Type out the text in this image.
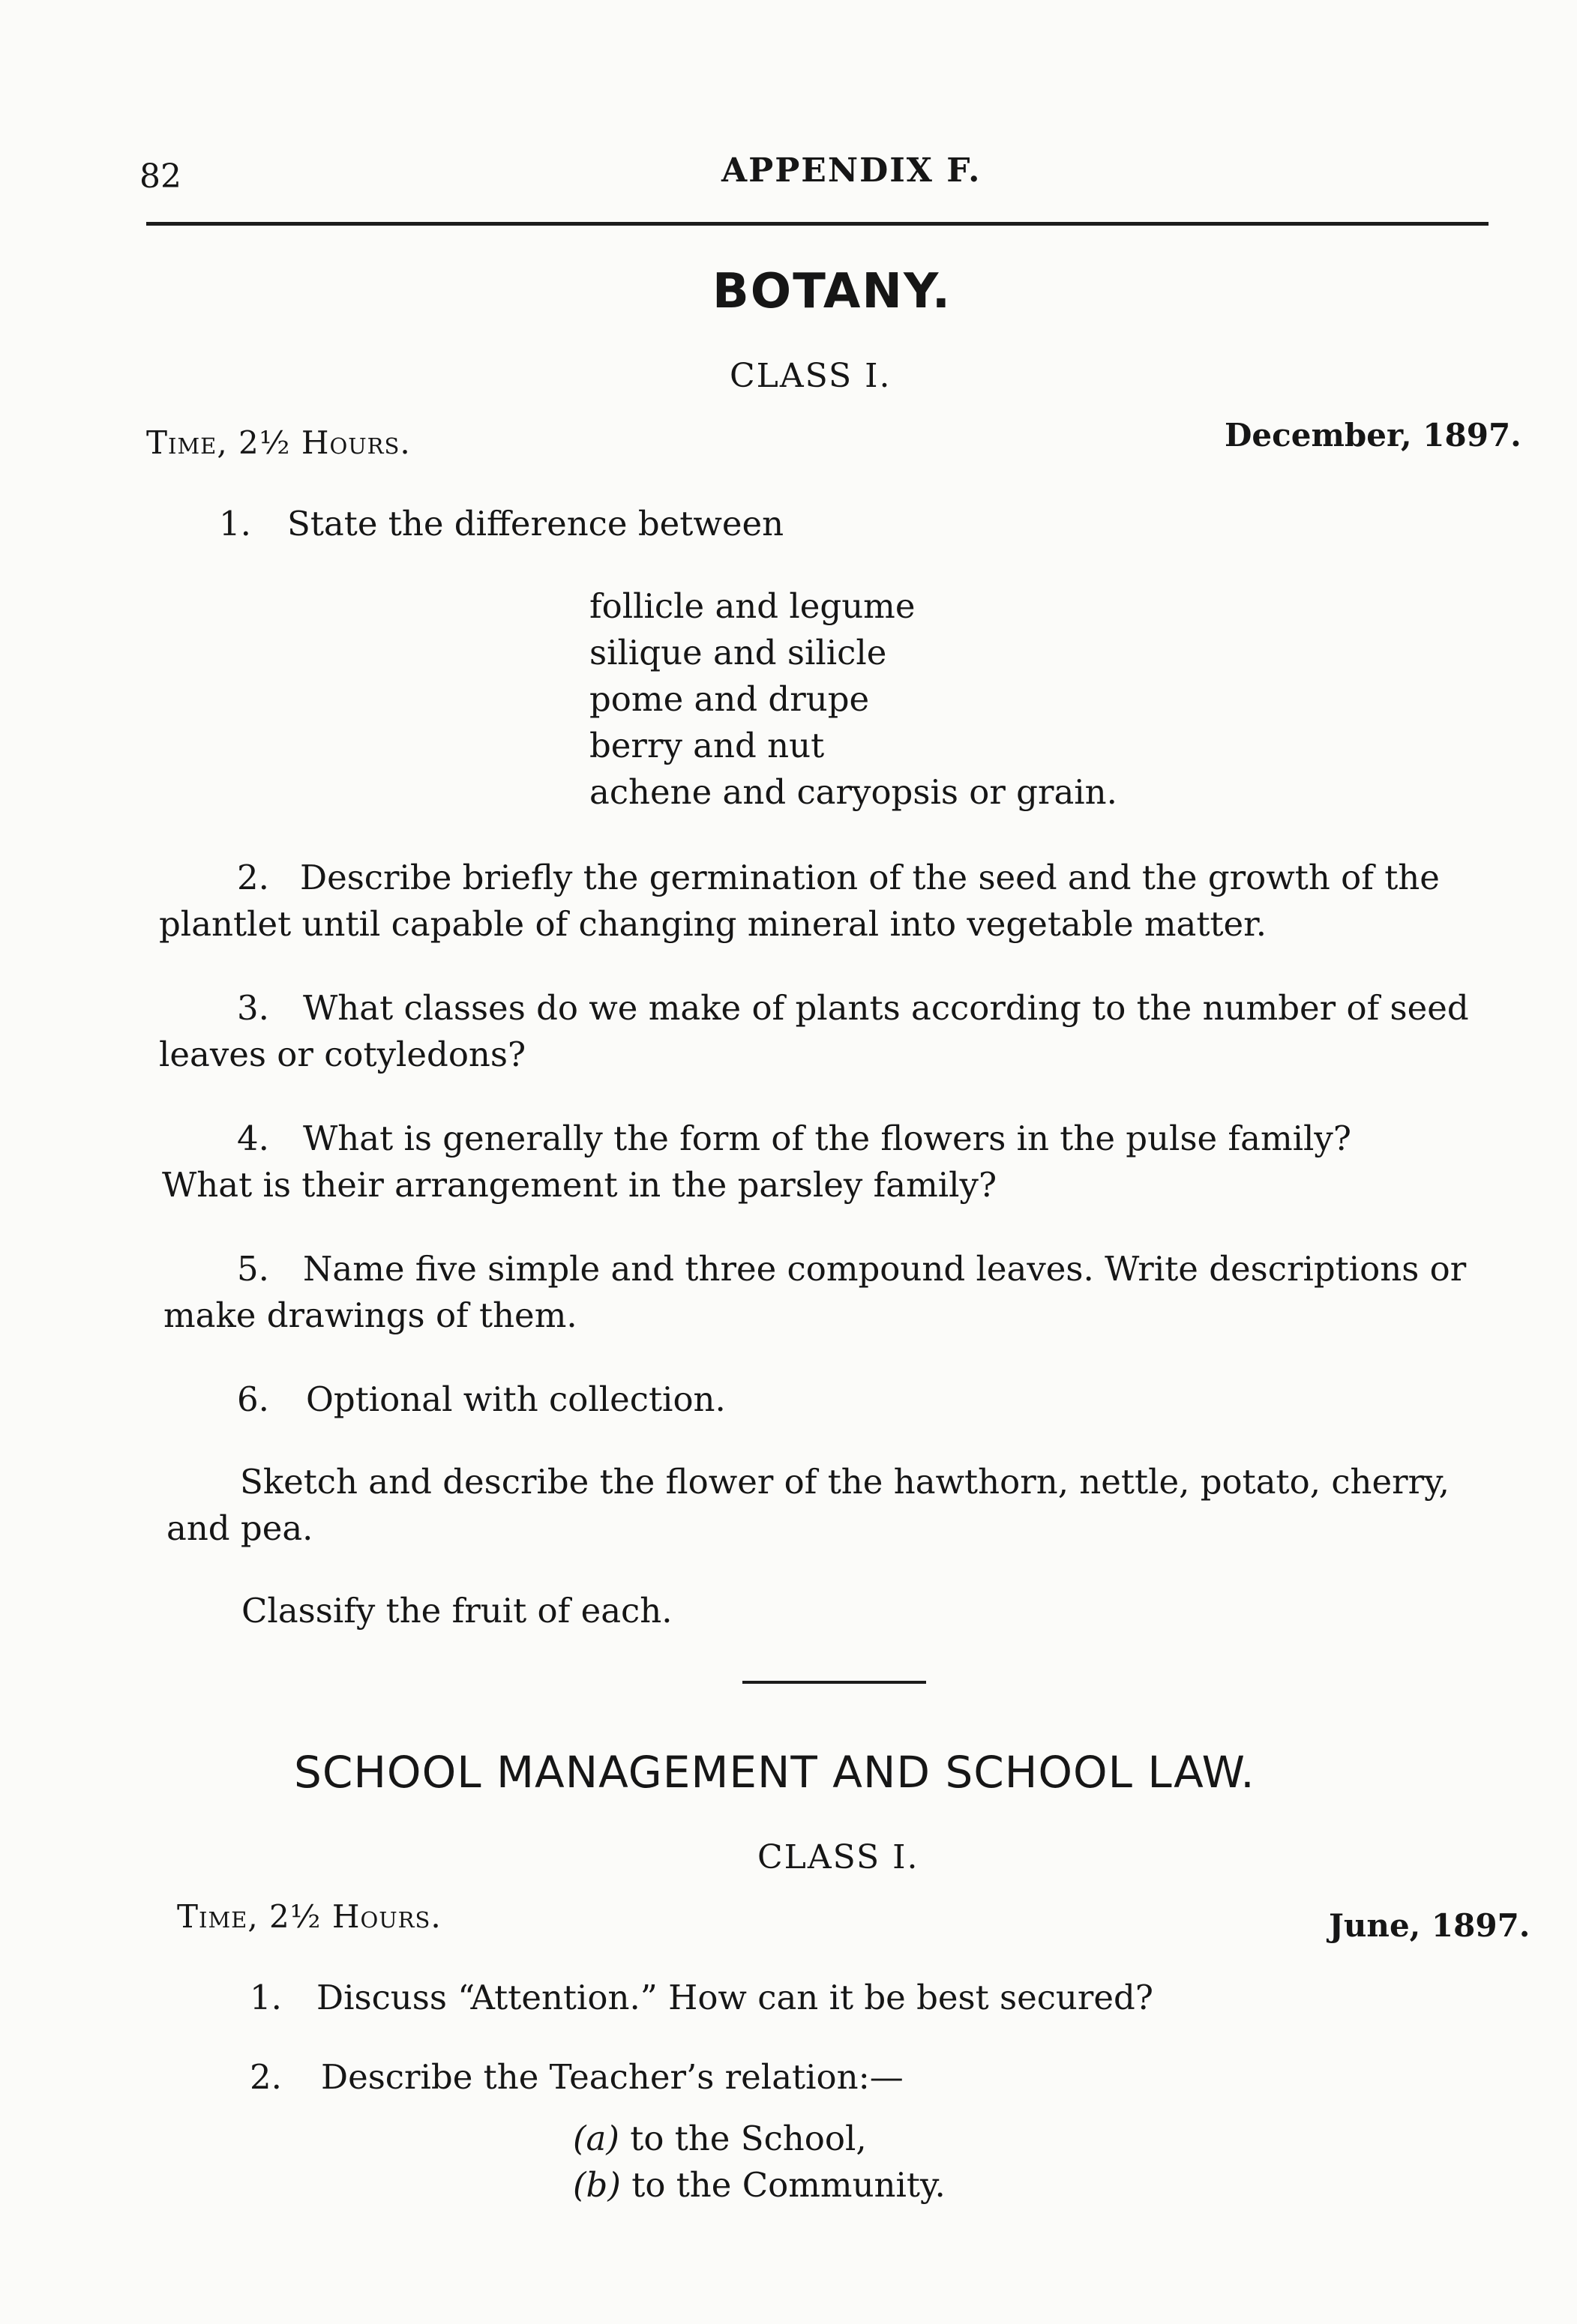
82	APPENDIX F.
BOTANY.
CLASS I.
Time, 2½ Hours.	December, 1897.
1. State the difference between
follicle and legume
silique and silicle
pome and drupe
berry and nut
achene and caryopsis or grain.
2. Describe briefly the germination of the seed and the growth of the
plantlet until capable of changing mineral into vegetable matter.
3. What classes do we make of plants according to the number of seed
leaves or cotyledons?
4. What is generally the form of the flowers in the pulse family?
What is their arrangement in the parsley family?
5. Name five simple and three compound leaves. Write descriptions or
make drawings of them.
6. Optional with collection.
Sketch and describe the flower of the hawthorn, nettle, potato, cherry,
and pea.
Classify the fruit of each.
SCHOOL MANAGEMENT AND SCHOOL LAW.
CLASS I.
Time, 2½ Hours.	June, 1897.
1. Discuss “Attention.” How can it be best secured?
2. Describe the Teacher’s relation:—
(a) to the School,
(b) to the Community.
